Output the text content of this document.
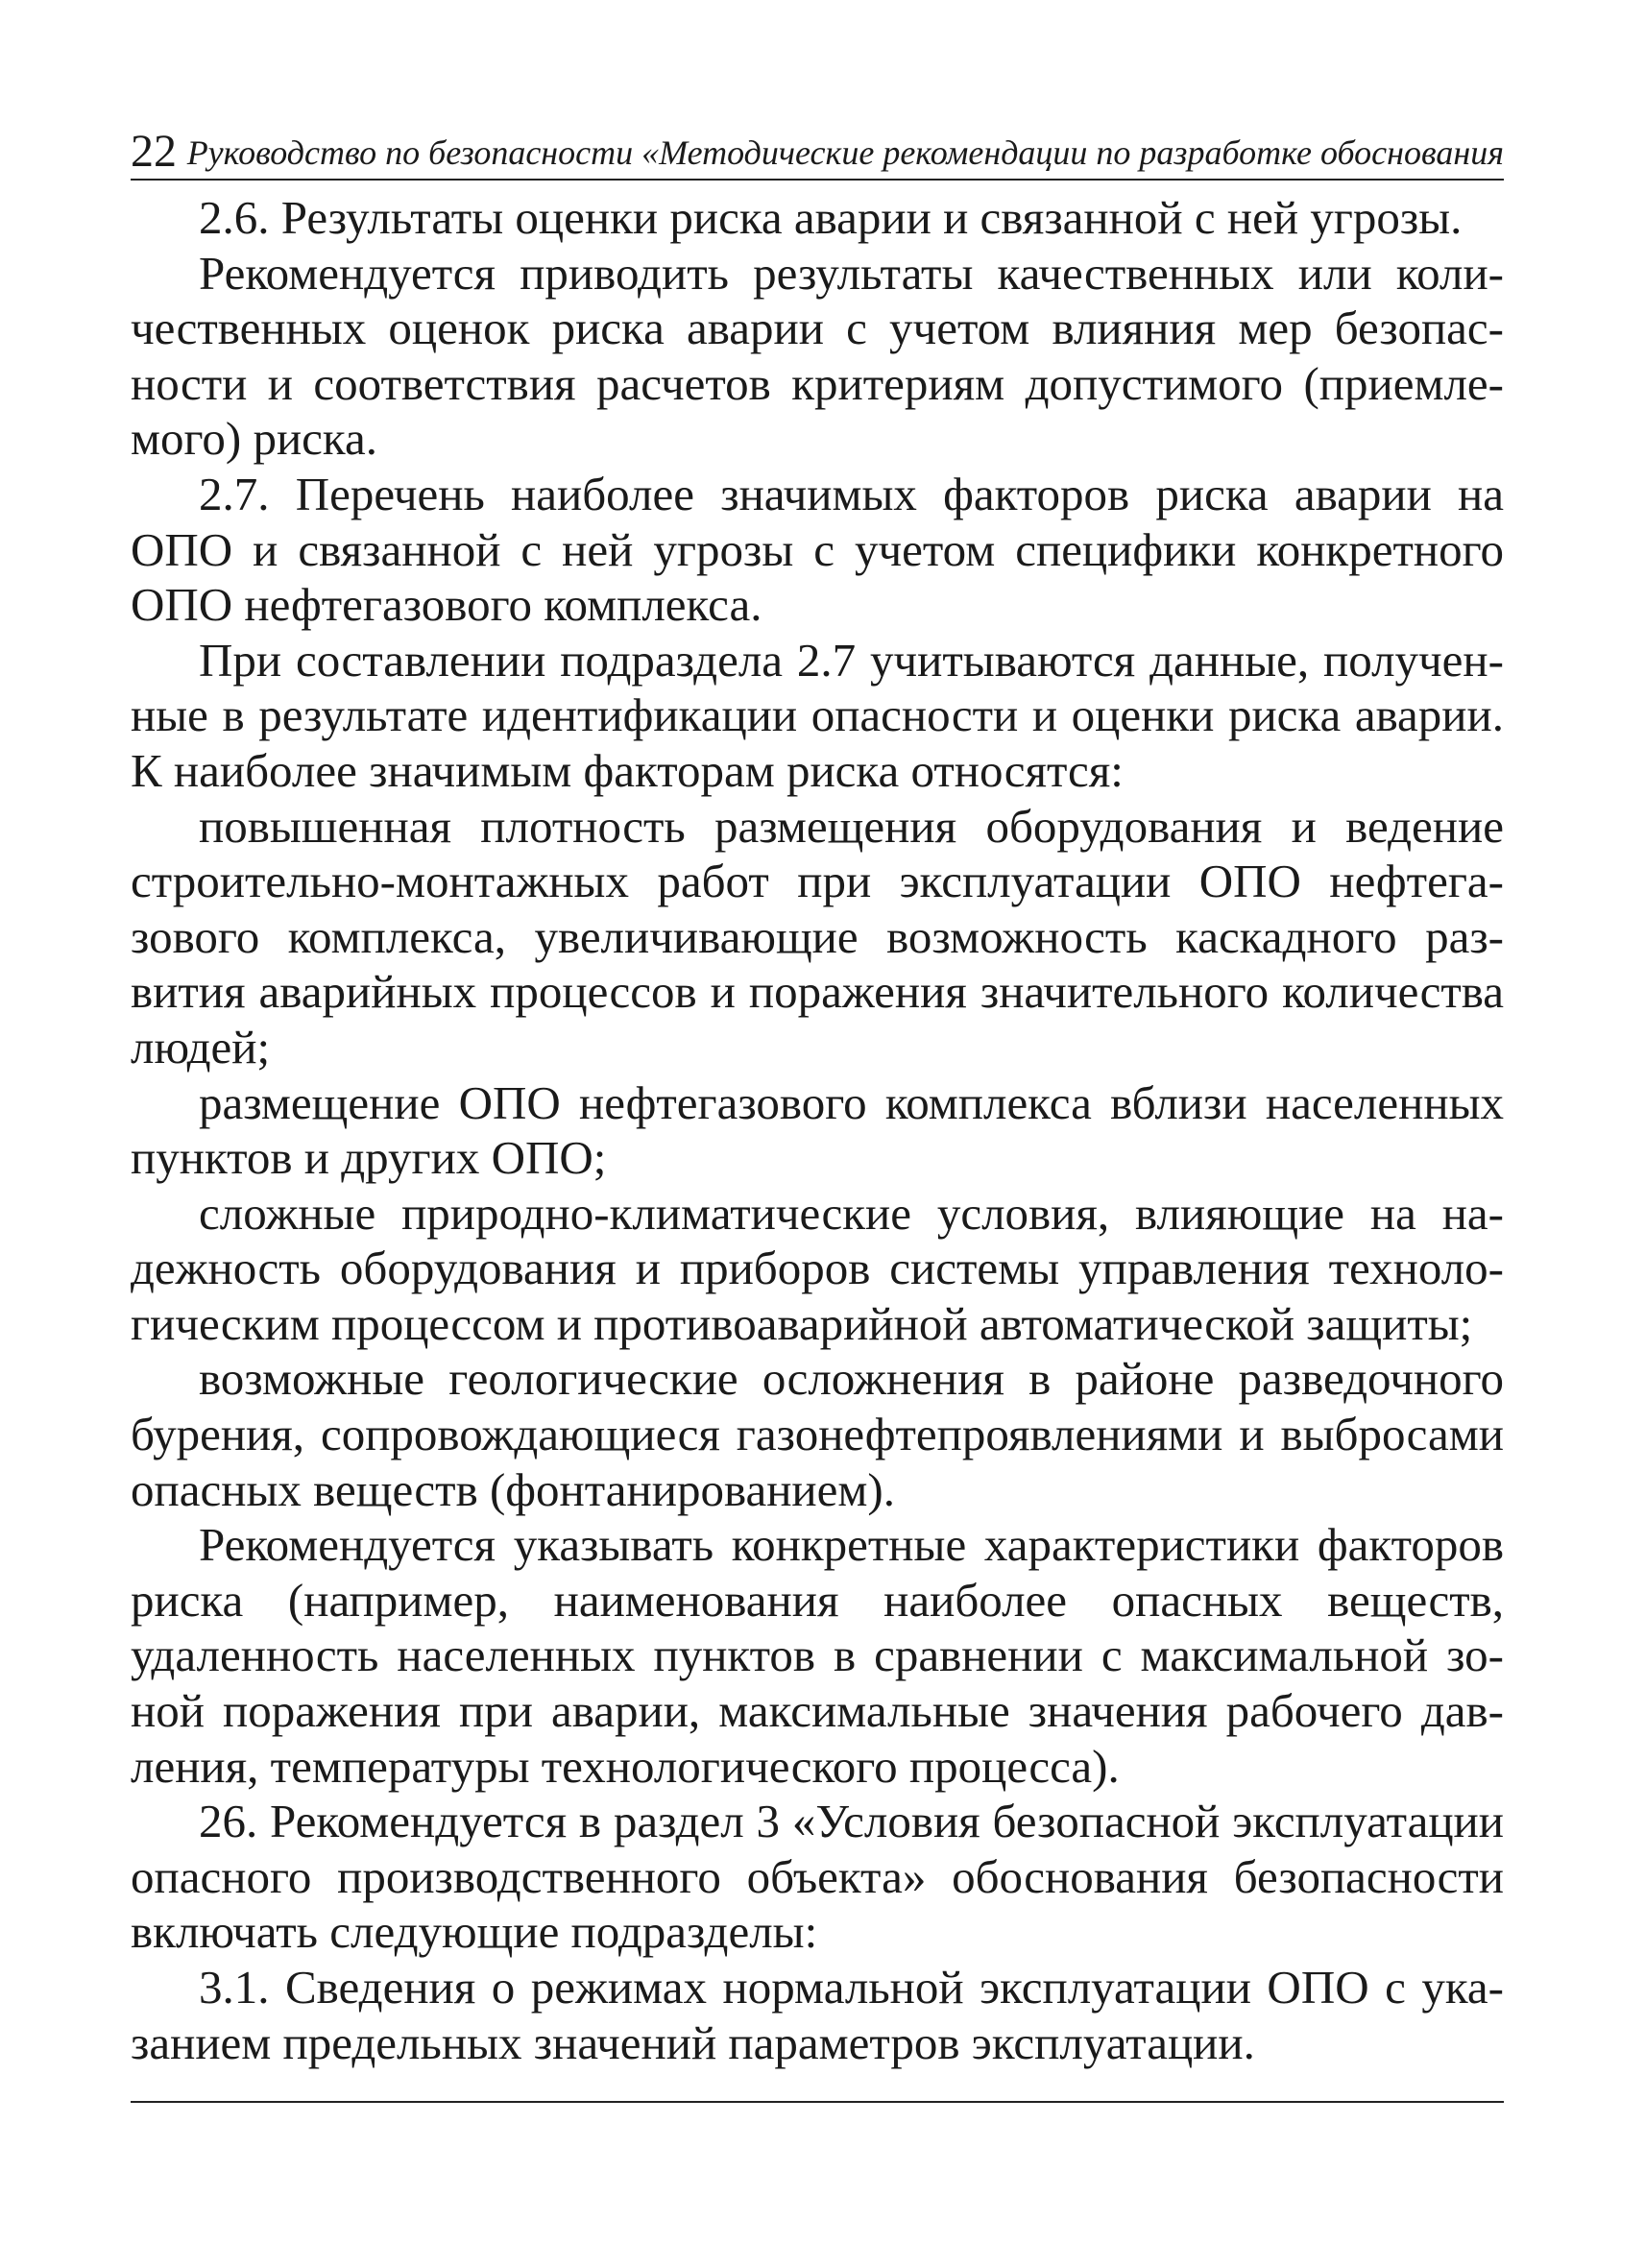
22 Руководство по безопасности «Методические рекомендации по разработке обоснования

2.6. Результаты оценки риска аварии и связанной с ней угрозы.

Рекомендуется приводить результаты качественных или количественных оценок риска аварии с учетом влияния мер безопасности и соответствия расчетов критериям допустимого (приемлемого) риска.

2.7. Перечень наиболее значимых факторов риска аварии на ОПО и связанной с ней угрозы с учетом специфики конкретного ОПО нефтегазового комплекса.

При составлении подраздела 2.7 учитываются данные, полученные в результате идентификации опасности и оценки риска аварии. К наиболее значимым факторам риска относятся:

повышенная плотность размещения оборудования и ведение строительно-монтажных работ при эксплуатации ОПО нефтегазового комплекса, увеличивающие возможность каскадного развития аварийных процессов и поражения значительного количества людей;

размещение ОПО нефтегазового комплекса вблизи населенных пунктов и других ОПО;

сложные природно-климатические условия, влияющие на надежность оборудования и приборов системы управления технологическим процессом и противоаварийной автоматической защиты;

возможные геологические осложнения в районе разведочного бурения, сопровождающиеся газонефтепроявлениями и выбросами опасных веществ (фонтанированием).

Рекомендуется указывать конкретные характеристики факторов риска (например, наименования наиболее опасных веществ, удаленность населенных пунктов в сравнении с максимальной зоной поражения при аварии, максимальные значения рабочего давления, температуры технологического процесса).

26. Рекомендуется в раздел 3 «Условия безопасной эксплуатации опасного производственного объекта» обоснования безопасности включать следующие подразделы:

3.1. Сведения о режимах нормальной эксплуатации ОПО с указанием предельных значений параметров эксплуатации.
